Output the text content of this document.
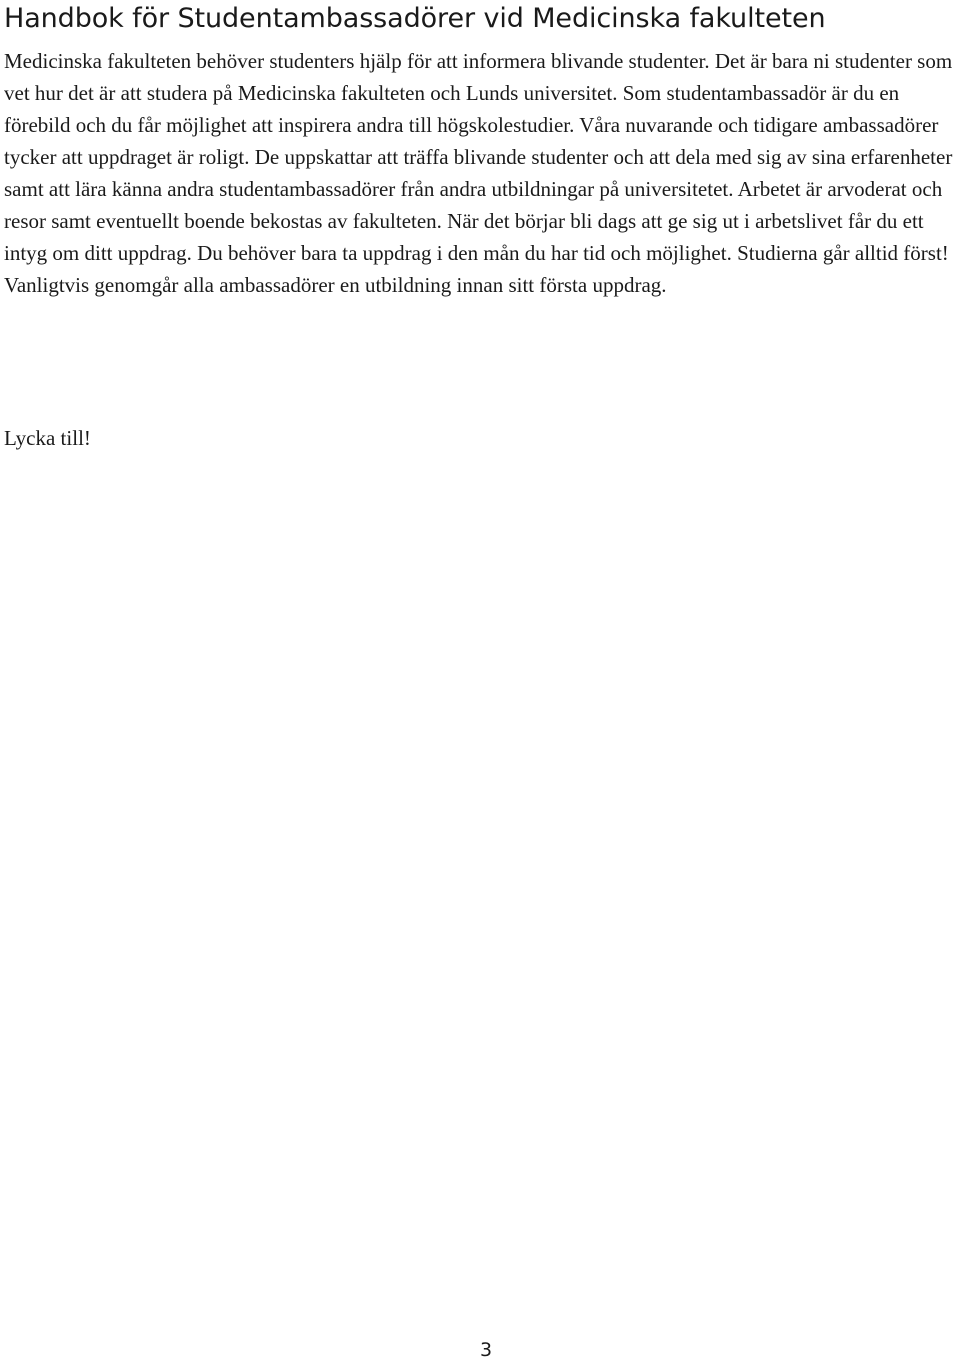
Handbok för Studentambassadörer vid Medicinska fakulteten

Medicinska fakulteten behöver studenters hjälp för att informera blivande studenter. Det är bara ni studenter som vet hur det är att studera på Medicinska fakulteten och Lunds universitet. Som studentambassadör är du en förebild och du får möjlighet att inspirera andra till högskolestudier. Våra nuvarande och tidigare ambassadörer tycker att uppdraget är roligt. De uppskattar att träffa blivande studenter och att dela med sig av sina erfarenheter samt att lära känna andra studentambassadörer från andra utbildningar på universitetet. Arbetet är arvoderat och resor samt eventuellt boende bekostas av fakulteten. När det börjar bli dags att ge sig ut i arbetslivet får du ett intyg om ditt uppdrag. Du behöver bara ta uppdrag i den mån du har tid och möjlighet. Studierna går alltid först!

Vanligtvis genomgår alla ambassadörer en utbildning innan sitt första uppdrag.

Lycka till!

3
